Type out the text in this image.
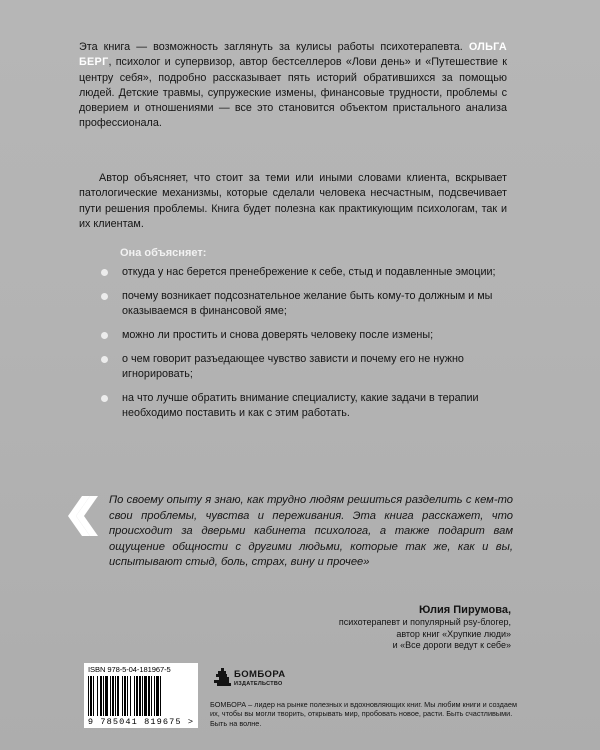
Эта книга — возможность заглянуть за кулисы работы психотерапевта. ОЛЬГА БЕРГ, психолог и супервизор, автор бестселлеров «Лови день» и «Путешествие к центру себя», подробно рассказывает пять историй обратившихся за помощью людей. Детские травмы, супружеские измены, финансовые трудности, проблемы с доверием и отношениями — все это становится объектом пристального анализа профессионала.

Автор объясняет, что стоит за теми или иными словами клиента, вскрывает патологические механизмы, которые сделали человека несчастным, подсвечивает пути решения проблемы. Книга будет полезна как практикующим психологам, так и их клиентам.

Она объясняет:
откуда у нас берется пренебрежение к себе, стыд и подавленные эмоции;
почему возникает подсознательное желание быть кому-то должным и мы оказываемся в финансовой яме;
можно ли простить и снова доверять человеку после измены;
о чем говорит разъедающее чувство зависти и почему его не нужно игнорировать;
на что лучше обратить внимание специалисту, какие задачи в терапии необходимо поставить и как с этим работать.

По своему опыту я знаю, как трудно людям решиться разделить с кем-то свои проблемы, чувства и переживания. Эта книга расскажет, что происходит за дверьми кабинета психолога, а также подарит вам ощущение общности с другими людьми, которые так же, как и вы, испытывают стыд, боль, страх, вину и прочее»

Юлия Пирумова,
психотерапевт и популярный psy-блогер,
автор книг «Хрупкие люди»
и «Все дороги ведут к себе»
ISBN 978-5-04-181967-5
9 785041 819675 >
БОМБОРА
ИЗДАТЕЛЬСТВО

БОМБОРА – лидер на рынке полезных и вдохновляющих книг. Мы любим книги и создаем их, чтобы вы могли творить, открывать мир, пробовать новое, расти. Быть счастливыми. Быть на волне.
